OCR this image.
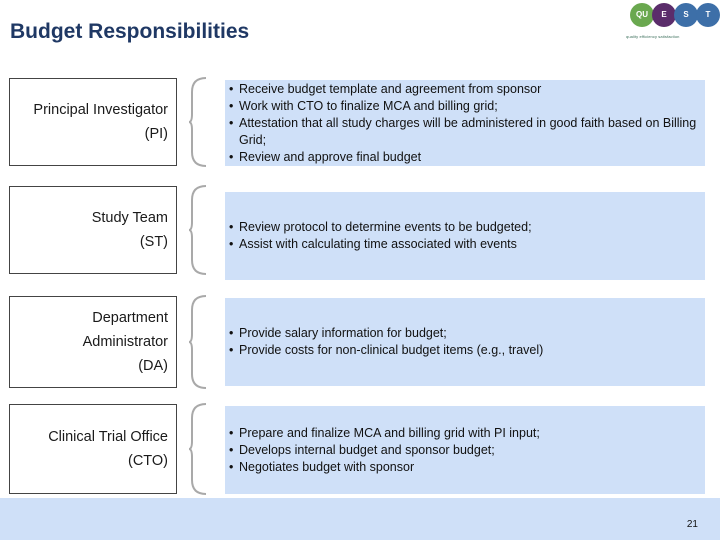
Budget Responsibilities
QU	E	S	T
quality efficiency satisfaction
Principal Investigator
(PI)
• Receive budget template and agreement from sponsor
• Work with CTO to finalize MCA and billing grid;
• Attestation that all study charges will be administered in good faith based on Billing Grid;
• Review and approve final budget
Study Team
(ST)
• Review protocol to determine events to be budgeted;
• Assist with calculating time associated with events
Department
Administrator
(DA)
• Provide salary information for budget;
• Provide costs for non-clinical budget items (e.g., travel)
Clinical Trial Office
(CTO)
• Prepare and finalize MCA and billing grid with PI input;
• Develops internal budget and sponsor budget;
• Negotiates budget with sponsor
21
